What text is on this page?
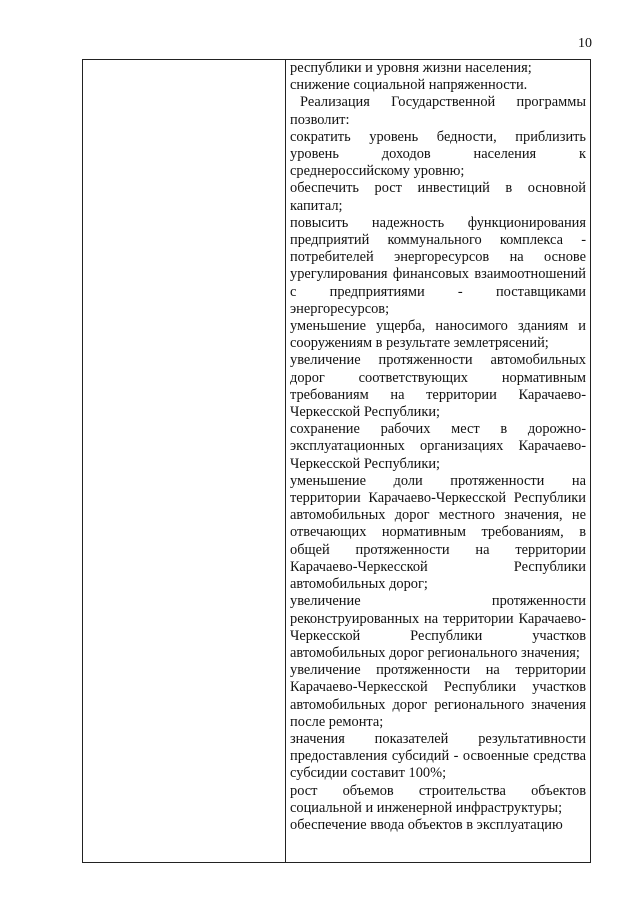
10

республики и уровня жизни населения;

снижение социальной напряженности.

Реализация Государственной программы позволит:

сократить уровень бедности, приблизить уровень доходов населения к среднероссийскому уровню;

обеспечить рост инвестиций в основной капитал;

повысить надежность функционирования предприятий коммунального комплекса - потребителей энергоресурсов на основе урегулирования финансовых взаимоотношений с предприятиями - поставщиками энергоресурсов;

уменьшение ущерба, наносимого зданиям и сооружениям в результате землетрясений;

увеличение протяженности автомобильных дорог соответствующих нормативным требованиям на территории Карачаево-Черкесской Республики;

сохранение рабочих мест в дорожно-эксплуатационных организациях Карачаево-Черкесской Республики;

уменьшение доли протяженности на территории Карачаево-Черкесской Республики автомобильных дорог местного значения, не отвечающих нормативным требованиям, в общей протяженности на территории Карачаево-Черкесской Республики автомобильных дорог;

увеличение протяженности реконструированных на территории Карачаево-Черкесской Республики участков автомобильных дорог регионального значения;

увеличение протяженности на территории Карачаево-Черкесской Республики участков автомобильных дорог регионального значения после ремонта;

значения показателей результативности предоставления субсидий - освоенные средства субсидии составит 100%;

рост объемов строительства объектов социальной и инженерной инфраструктуры;

обеспечение ввода объектов в эксплуатацию
